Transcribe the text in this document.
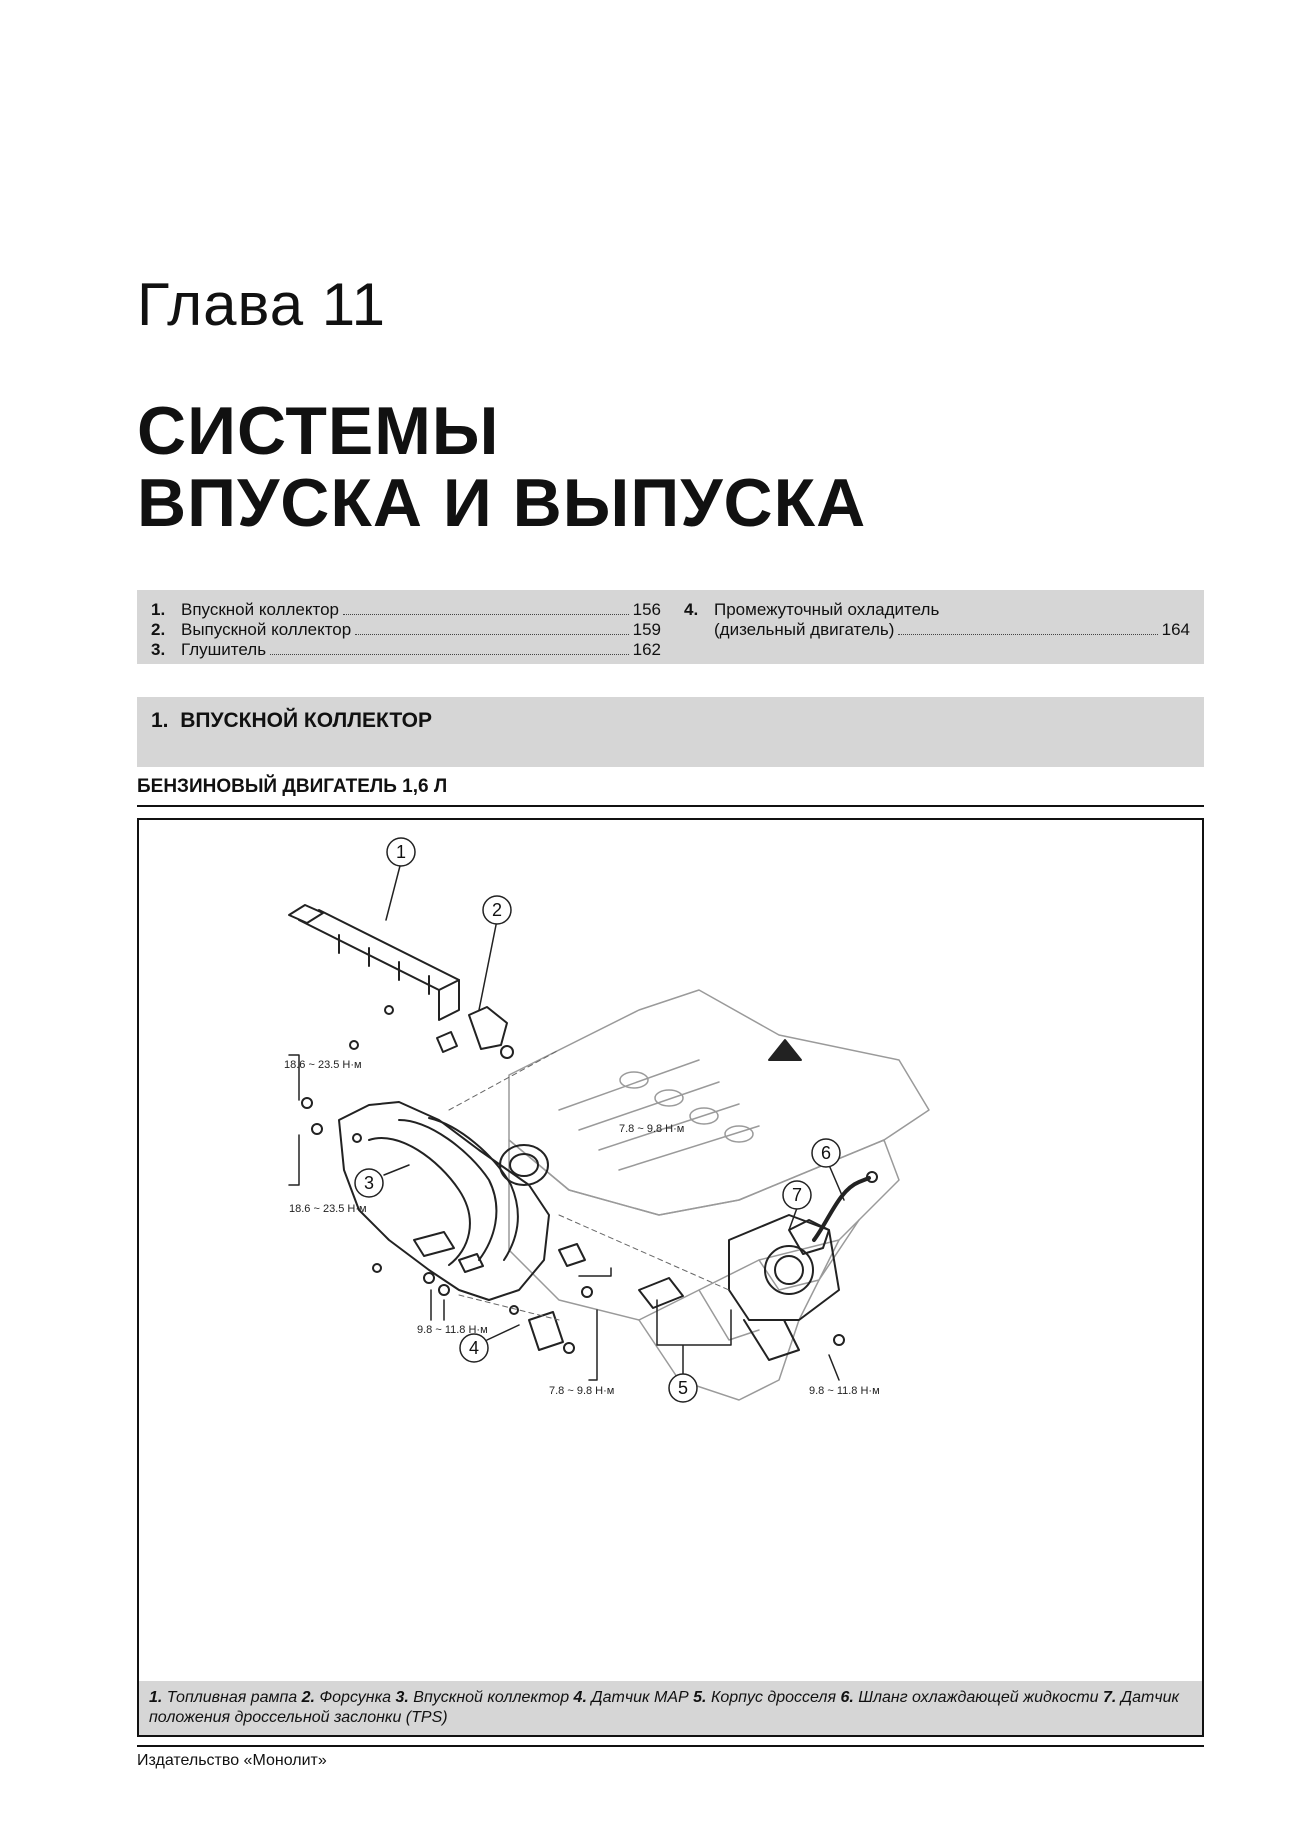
Глава 11
СИСТЕМЫ
ВПУСКА И ВЫПУСКА
1. Впускной коллектор	156
2. Выпускной коллектор	159
3. Глушитель	162
4. Промежуточный охладитель
(дизельный двигатель)	164
1. ВПУСКНОЙ КОЛЛЕКТОР
БЕНЗИНОВЫЙ ДВИГАТЕЛЬ 1,6 Л
1
2
3
4
5
6
7
18.6 ~ 23.5 Н·м
18.6 ~ 23.5 Н·м
9.8 ~ 11.8 Н·м
7.8 ~ 9.8 Н·м
7.8 ~ 9.8 Н·м	9.8 ~ 11.8 Н·м
1. Топливная рампа 2. Форсунка 3. Впускной коллектор 4. Датчик МАР 5. Корпус дросселя 6. Шланг охлаждающей жидкости 7. Датчик положения дроссельной заслонки (TPS)
Издательство «Монолит»
